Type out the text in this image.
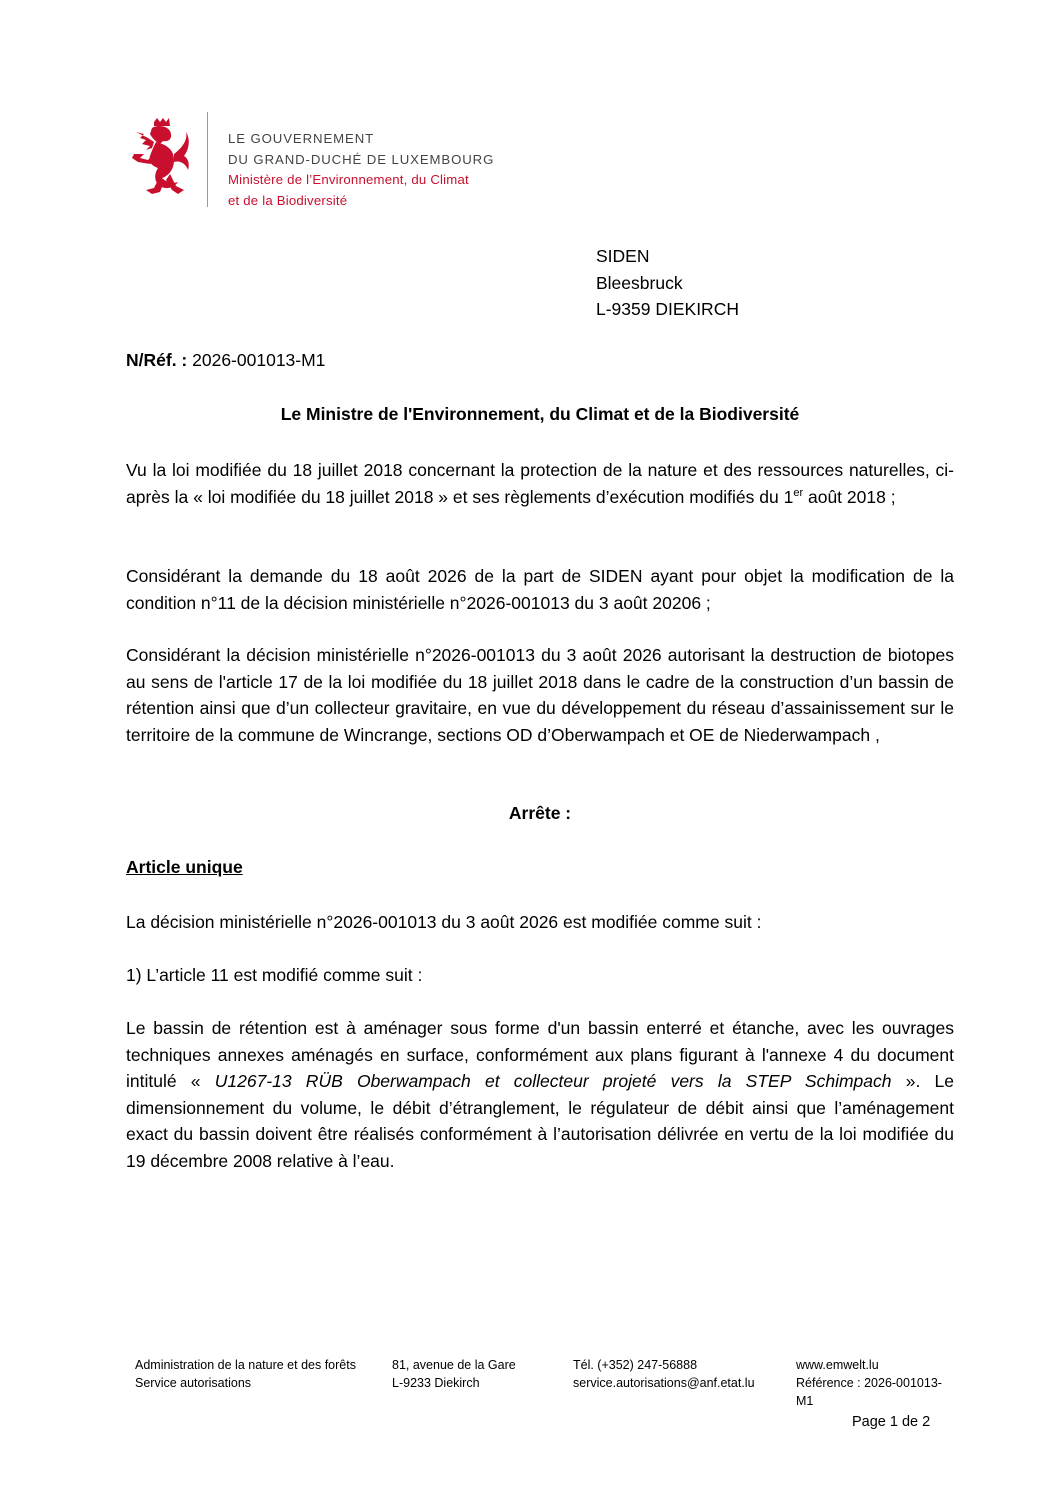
LE GOUVERNEMENT
DU GRAND-DUCHÉ DE LUXEMBOURG
Ministère de l’Environnement, du Climat
et de la Biodiversité
SIDEN
Bleesbruck
L-9359 DIEKIRCH
N/Réf. : 2026-001013-M1
Le Ministre de l'Environnement, du Climat et de la Biodiversité

Vu la loi modifiée du 18 juillet 2018 concernant la protection de la nature et des ressources naturelles, ci-après la « loi modifiée du 18 juillet 2018 » et ses règlements d’exécution modifiés du 1er août 2018 ;

Considérant la demande du 18 août 2026 de la part de SIDEN ayant pour objet la modification de la condition n°11 de la décision ministérielle n°2026-001013 du 3 août 20206 ;

Considérant la décision ministérielle n°2026-001013 du 3 août 2026 autorisant la destruction de biotopes au sens de l'article 17 de la loi modifiée du 18 juillet 2018 dans le cadre de la construction d’un bassin de rétention ainsi que d’un collecteur gravitaire, en vue du développement du réseau d’assainissement sur le territoire de la commune de Wincrange, sections OD d’Oberwampach et OE de Niederwampach ,

Arrête :
Article unique

La décision ministérielle n°2026-001013 du 3 août 2026 est modifiée comme suit :

1) L’article 11 est modifié comme suit :

Le bassin de rétention est à aménager sous forme d'un bassin enterré et étanche, avec les ouvrages techniques annexes aménagés en surface, conformément aux plans figurant à l'annexe 4 du document intitulé « U1267-13 RÜB Oberwampach et collecteur projeté vers la STEP Schimpach ». Le dimensionnement du volume, le débit d’étranglement, le régulateur de débit ainsi que l’aménagement exact du bassin doivent être réalisés conformément à l’autorisation délivrée en vertu de la loi modifiée du 19 décembre 2008 relative à l’eau.

Administration de la nature et des forêts
Service autorisations
81, avenue de la Gare
L-9233 Diekirch
Tél. (+352) 247-56888
service.autorisations@anf.etat.lu
www.emwelt.lu
Référence : 2026-001013-M1
Page 1 de 2
